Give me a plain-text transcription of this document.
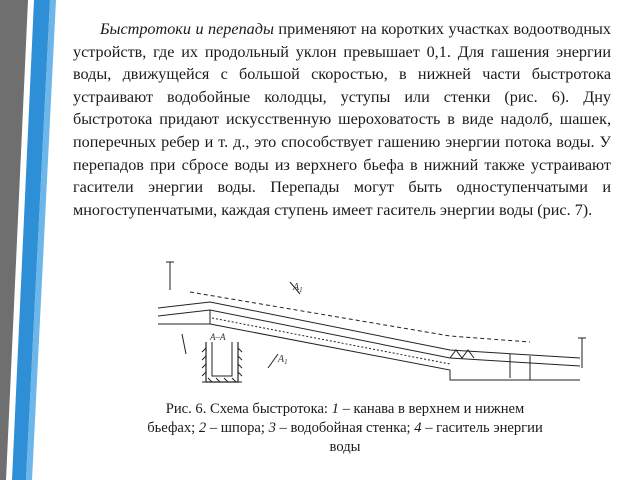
Быстротоки и перепады применяют на коротких участках водоотводных устройств, где их продольный уклон превышает 0,1. Для гашения энергии воды, движущейся с большой скоростью, в нижней части быстротока устраивают водобойные колодцы, уступы или стенки (рис. 6). Дну быстротока придают искусственную шероховатость в виде надолб, шашек, поперечных ребер и т. д., это способствует гашению энергии потока воды. У перепадов при сбросе воды из верхнего бьефа в нижний также устраивают гасители энергии воды. Перепады могут быть одноступенчатыми и многоступенчатыми, каждая ступень имеет гаситель энергии воды (рис. 7).

$А_1$
$А_1$
A–A

Рис. 6. Схема быстротока: 1 – канава в верхнем и нижнем бьефах; 2 – шпора; 3 – водобойная стенка; 4 – гаситель энергии воды
